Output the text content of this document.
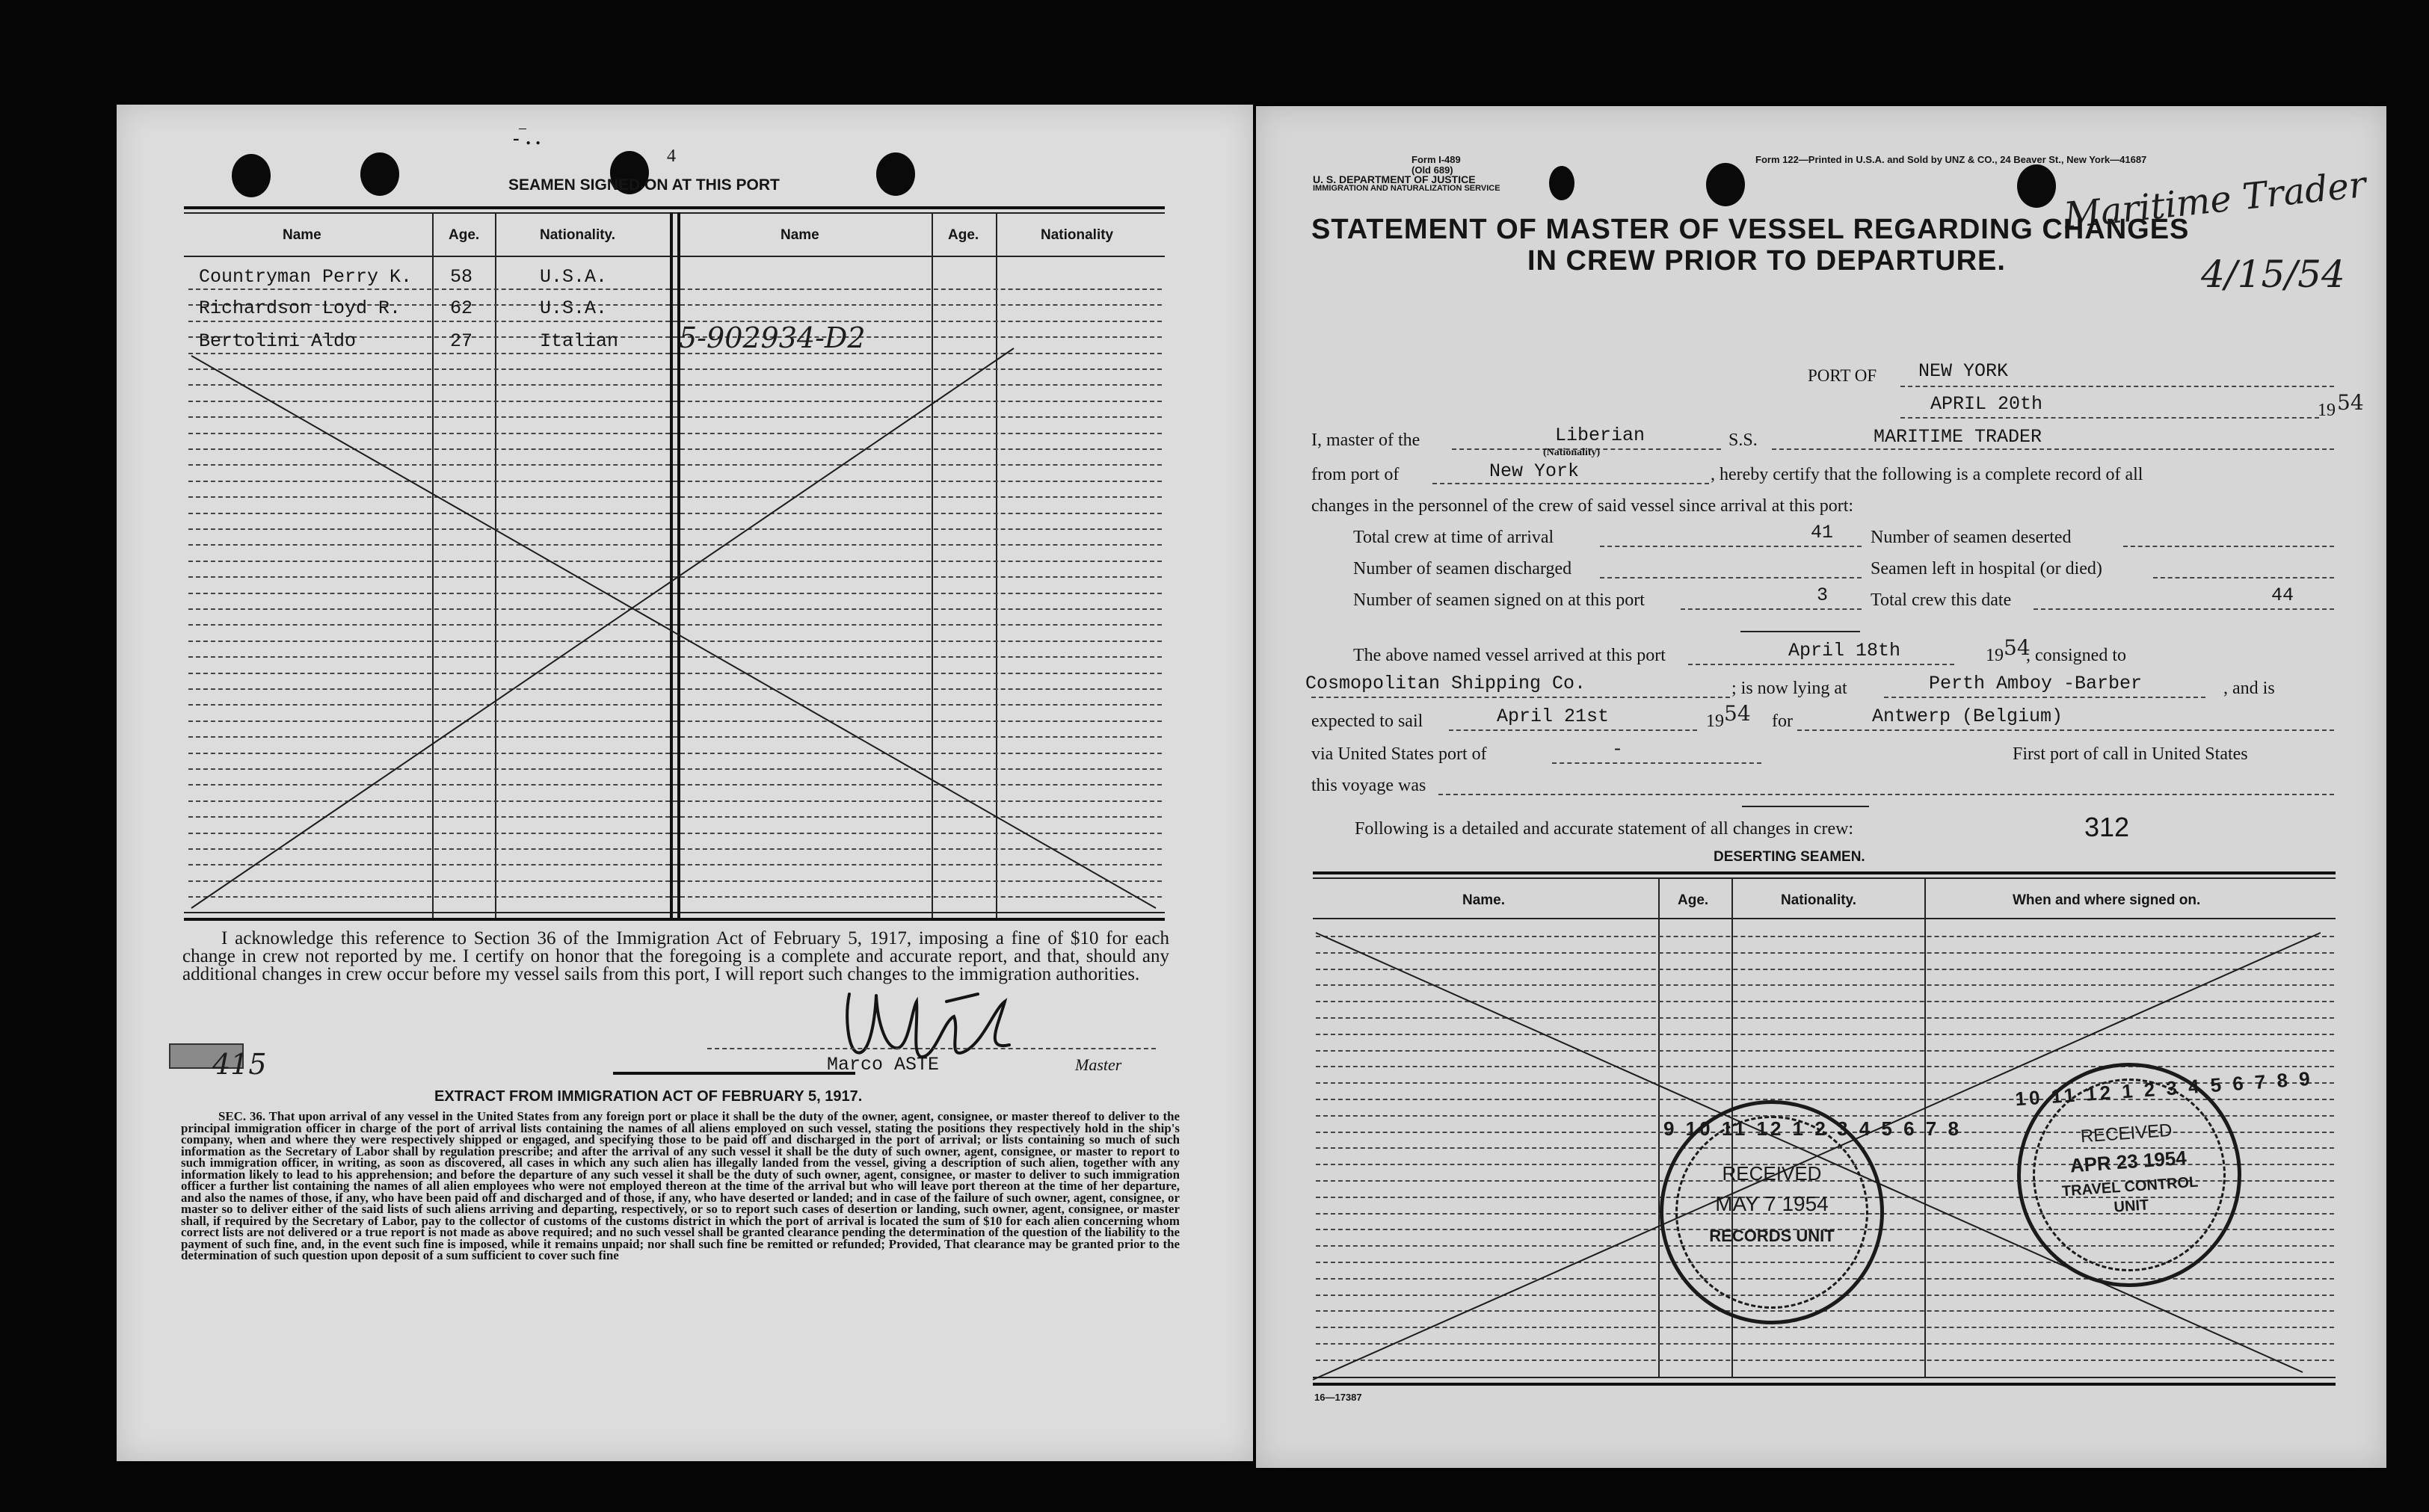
-‾. .
4
SEAMEN SIGNED ON AT THIS PORT
Name	Age.	Nationality.	Name	Age.	Nationality
Countryman Perry K. 58	U.S.A.
Richardson Loyd R.	62	U.S.A.
Bertolini Aldo	27	Italian 5-902934-D2
I acknowledge this reference to Section 36 of the Immigration Act of February 5, 1917, imposing a fine of $10 for each change in crew not reported by me. I certify on honor that the foregoing is a complete and accurate report, and that, should any additional changes in crew occur before my vessel sails from this port, I will report such changes to the immigration authorities.
Marco ASTE	Master
415
EXTRACT FROM IMMIGRATION ACT OF FEBRUARY 5, 1917.
SEC. 36. That upon arrival of any vessel in the United States from any foreign port or place it shall be the duty of the owner, agent, consignee, or master thereof to deliver to the principal immigration officer in charge of the port of arrival lists containing the names of all aliens employed on such vessel, stating the positions they respectively hold in the ship's company, when and where they were respectively shipped or engaged, and specifying those to be paid off and discharged in the port of arrival; or lists containing so much of such information as the Secretary of Labor shall by regulation prescribe; and after the arrival of any such vessel it shall be the duty of such owner, agent, consignee, or master to report to such immigration officer, in writing, as soon as discovered, all cases in which any such alien has illegally landed from the vessel, giving a description of such alien, together with any information likely to lead to his apprehension; and before the departure of any such vessel it shall be the duty of such owner, agent, consignee, or master to deliver to such immigration officer a further list containing the names of all alien employees who were not employed thereon at the time of the arrival but who will leave port thereon at the time of her departure, and also the names of those, if any, who have been paid off and discharged and of those, if any, who have deserted or landed; and in case of the failure of such owner, agent, consignee, or master so to deliver either of the said lists of such aliens arriving and departing, respectively, or so to report such cases of desertion or landing, such owner, agent, consignee, or master shall, if required by the Secretary of Labor, pay to the collector of customs of the customs district in which the port of arrival is located the sum of $10 for each alien concerning whom correct lists are not delivered or a true report is not made as above required; and no such vessel shall be granted clearance pending the determination of the question of the liability to the payment of such fine, and, in the event such fine is imposed, while it remains unpaid; nor shall such fine be remitted or refunded; Provided, That clearance may be granted prior to the determination of such question upon deposit of a sum sufficient to cover such fine
Form I-489
(Old 689)
U. S. DEPARTMENT OF JUSTICE
IMMIGRATION AND NATURALIZATION SERVICE
Form 122—Printed in U.S.A. and Sold by UNZ & CO., 24 Beaver St., New York—41687
Maritime Trader
4/15/54
STATEMENT OF MASTER OF VESSEL REGARDING CHANGES
IN CREW PRIOR TO DEPARTURE.
PORT OF NEW YORK
APRIL 20th	19 54
I, master of the	Liberian
(Nationality)
S.S.	MARITIME TRADER
from port of	New York	, hereby certify that the following is a complete record of all
changes in the personnel of the crew of said vessel since arrival at this port:
Total crew at time of arrival	41 Number of seamen deserted
Number of seamen discharged	Seamen left in hospital (or died)
Number of seamen signed on at this port	3 Total crew this date	44
The above named vessel arrived at this port	April 18th	19 54
, consigned to
Cosmopolitan Shipping Co.	; is now lying at	Perth Amboy -Barber	, and is
expected to sail	April 21st	19 54 for	Antwerp (Belgium)
via United States port of	-	First port of call in United States
this voyage was
Following is a detailed and accurate statement of all changes in crew:	312
DESERTING SEAMEN.
Name.	Age.	Nationality.	When and where signed on.
9 10 11 12 1 2 3 4 5 6 7 8
RECEIVED
MAY 7 1954
RECORDS UNIT
10 11 12 1 2 3 4 5 6 7 8 9
RECEIVED
APR 23 1954
TRAVEL CONTROL
UNIT
16—17387
